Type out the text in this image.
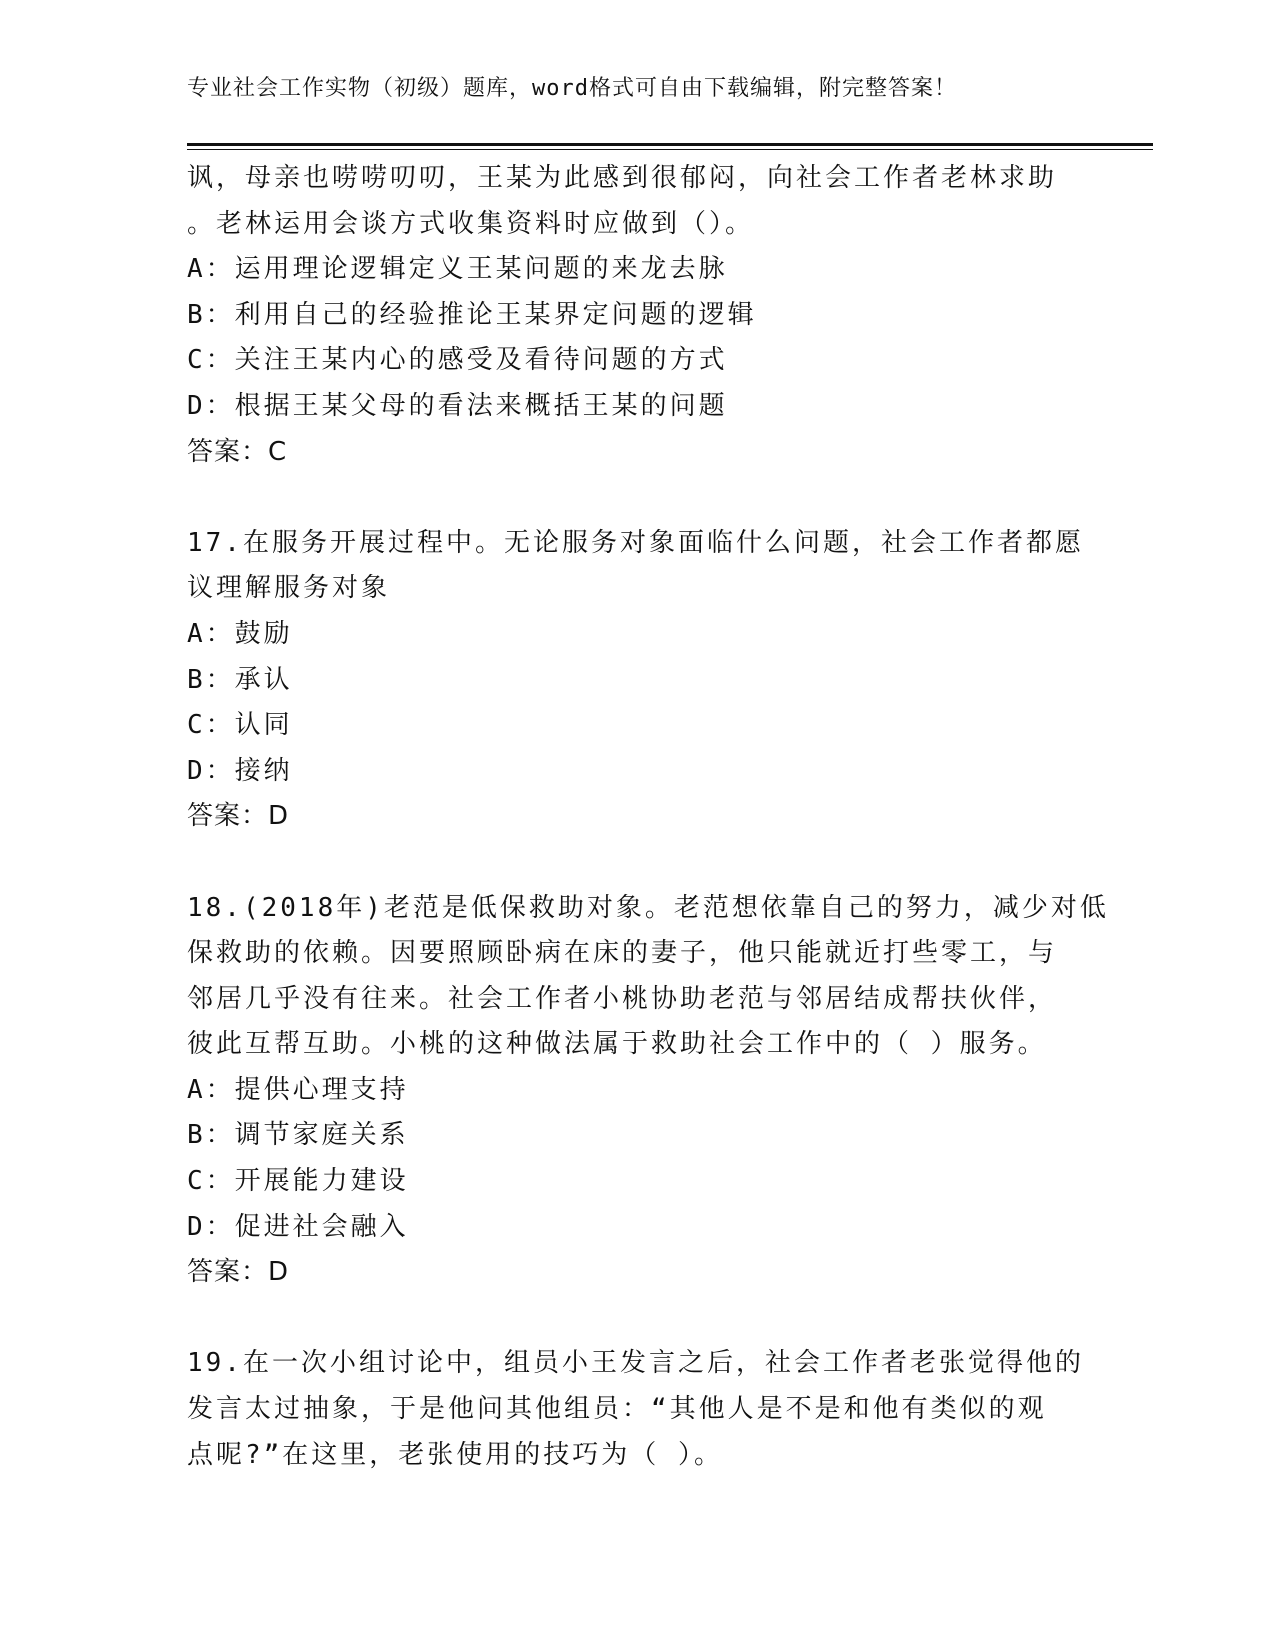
专业社会工作实物（初级）题库，word格式可自由下载编辑，附完整答案！
讽，母亲也唠唠叨叨，王某为此感到很郁闷，向社会工作者老林求助
。老林运用会谈方式收集资料时应做到（）。
A：运用理论逻辑定义王某问题的来龙去脉
B：利用自己的经验推论王某界定问题的逻辑
C：关注王某内心的感受及看待问题的方式
D：根据王某父母的看法来概括王某的问题
答案：C
17.在服务开展过程中。无论服务对象面临什么问题，社会工作者都愿
议理解服务对象
A：鼓励
B：承认
C：认同
D：接纳
答案：D
18.(2018年)老范是低保救助对象。老范想依靠自己的努力，减少对低
保救助的依赖。因要照顾卧病在床的妻子，他只能就近打些零工，与
邻居几乎没有往来。社会工作者小桃协助老范与邻居结成帮扶伙伴，
彼此互帮互助。小桃的这种做法属于救助社会工作中的（ ）服务。
A：提供心理支持
B：调节家庭关系
C：开展能力建设
D：促进社会融入
答案：D
19.在一次小组讨论中，组员小王发言之后，社会工作者老张觉得他的
发言太过抽象，于是他问其他组员：“其他人是不是和他有类似的观
点呢?”在这里，老张使用的技巧为（ ）。
